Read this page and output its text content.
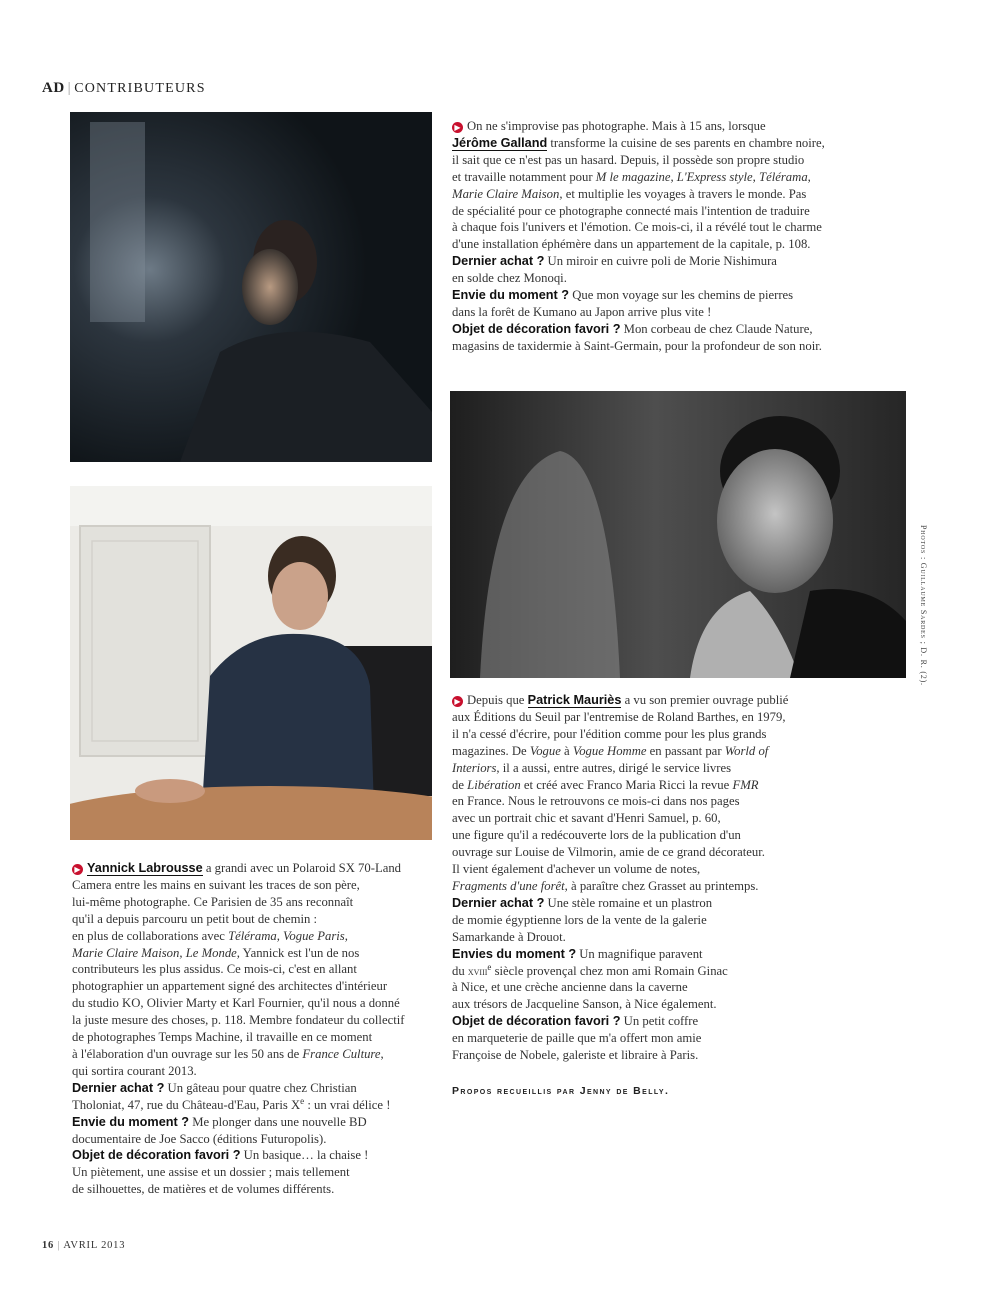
AD | CONTRIBUTEURS
▶ On ne s'improvise pas photographe. Mais à 15 ans, lorsque
Jérôme Galland transforme la cuisine de ses parents en chambre noire,
il sait que ce n'est pas un hasard. Depuis, il possède son propre studio
et travaille notamment pour M le magazine, L'Express style, Télérama,
Marie Claire Maison, et multiplie les voyages à travers le monde. Pas
de spécialité pour ce photographe connecté mais l'intention de traduire
à chaque fois l'univers et l'émotion. Ce mois-ci, il a révélé tout le charme
d'une installation éphémère dans un appartement de la capitale, p. 108.
Dernier achat ? Un miroir en cuivre poli de Morie Nishimura
en solde chez Monoqi.
Envie du moment ? Que mon voyage sur les chemins de pierres
dans la forêt de Kumano au Japon arrive plus vite !
Objet de décoration favori ? Mon corbeau de chez Claude Nature,
magasins de taxidermie à Saint-Germain, pour la profondeur de son noir.
Photos : Guillaume Sardes ; D. R. (2).
▶ Depuis que Patrick Mauriès a vu son premier ouvrage publié
aux Éditions du Seuil par l'entremise de Roland Barthes, en 1979,
il n'a cessé d'écrire, pour l'édition comme pour les plus grands
magazines. De Vogue à Vogue Homme en passant par World of
Interiors, il a aussi, entre autres, dirigé le service livres
de Libération et créé avec Franco Maria Ricci la revue FMR
en France. Nous le retrouvons ce mois-ci dans nos pages
avec un portrait chic et savant d'Henri Samuel, p. 60,
une figure qu'il a redécouverte lors de la publication d'un
ouvrage sur Louise de Vilmorin, amie de ce grand décorateur.
Il vient également d'achever un volume de notes,
Fragments d'une forêt, à paraître chez Grasset au printemps.
Dernier achat ? Une stèle romaine et un plastron
de momie égyptienne lors de la vente de la galerie
Samarkande à Drouot.
Envies du moment ? Un magnifique paravent
du xviii$^e$ siècle provençal chez mon ami Romain Ginac
à Nice, et une crèche ancienne dans la caverne
aux trésors de Jacqueline Sanson, à Nice également.
Objet de décoration favori ? Un petit coffre
en marqueterie de paille que m'a offert mon amie
Françoise de Nobele, galeriste et libraire à Paris.
▶ Yannick Labrousse a grandi avec un Polaroid SX 70-Land
Camera entre les mains en suivant les traces de son père,
lui-même photographe. Ce Parisien de 35 ans reconnaît
qu'il a depuis parcouru un petit bout de chemin :
en plus de collaborations avec Télérama, Vogue Paris,
Marie Claire Maison, Le Monde, Yannick est l'un de nos
contributeurs les plus assidus. Ce mois-ci, c'est en allant
photographier un appartement signé des architectes d'intérieur
du studio KO, Olivier Marty et Karl Fournier, qu'il nous a donné
la juste mesure des choses, p. 118. Membre fondateur du collectif
de photographes Temps Machine, il travaille en ce moment
à l'élaboration d'un ouvrage sur les 50 ans de France Culture,
qui sortira courant 2013.
Dernier achat ? Un gâteau pour quatre chez Christian
Tholoniat, 47, rue du Château-d'Eau, Paris Xe : un vrai délice !
Envie du moment ? Me plonger dans une nouvelle BD
documentaire de Joe Sacco (éditions Futuropolis).
Objet de décoration favori ? Un basique… la chaise !
Un piètement, une assise et un dossier ; mais tellement
de silhouettes, de matières et de volumes différents.
Propos recueillis par Jenny de Belly.
16 | AVRIL 2013
